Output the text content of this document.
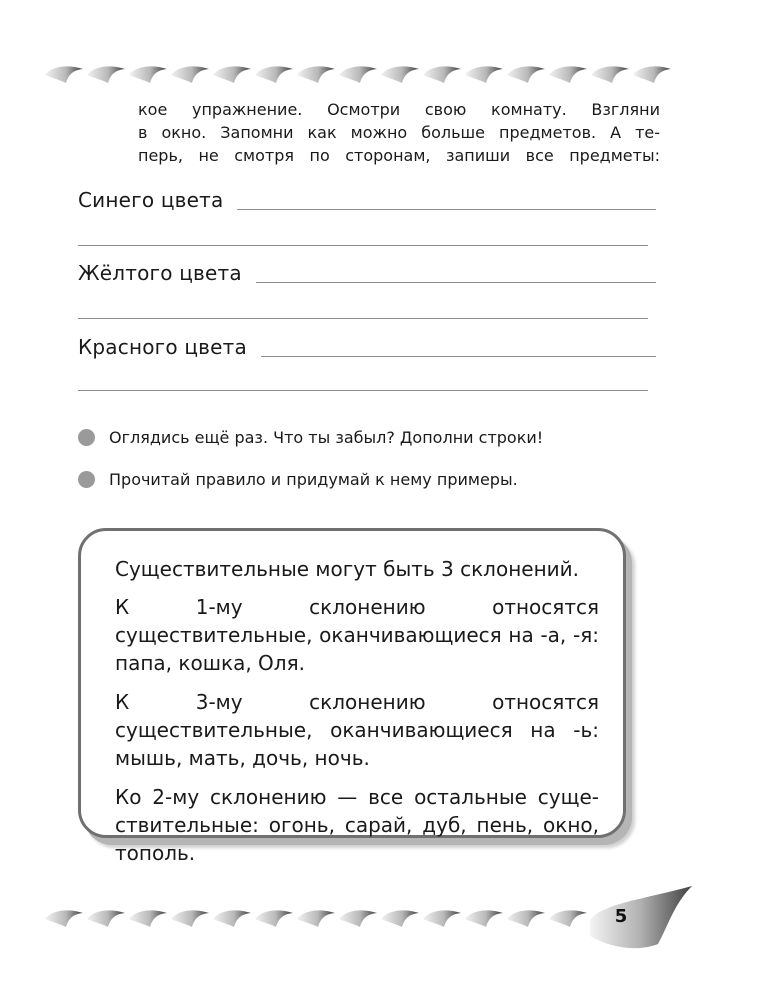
кое упражнение. Осмотри свою комнату. Взгляни
в окно. Запомни как можно больше предметов. А те-
перь, не смотря по сторонам, запиши все предметы:
Синего цвета
Жёлтого цвета
Красного цвета
Оглядись ещё раз. Что ты забыл? Дополни строки!
Прочитай правило и придумай к нему примеры.

Существительные могут быть 3 склонений.

К 1-му склонению относятся существительные, оканчивающиеся на -а, -я: папа, кошка, Оля.

К 3-му склонению относятся существительные, оканчивающиеся на -ь: мышь, мать, дочь, ночь.

Ко 2-му склонению — все остальные суще-ствительные: огонь, сарай, дуб, пень, окно, тополь.

5
